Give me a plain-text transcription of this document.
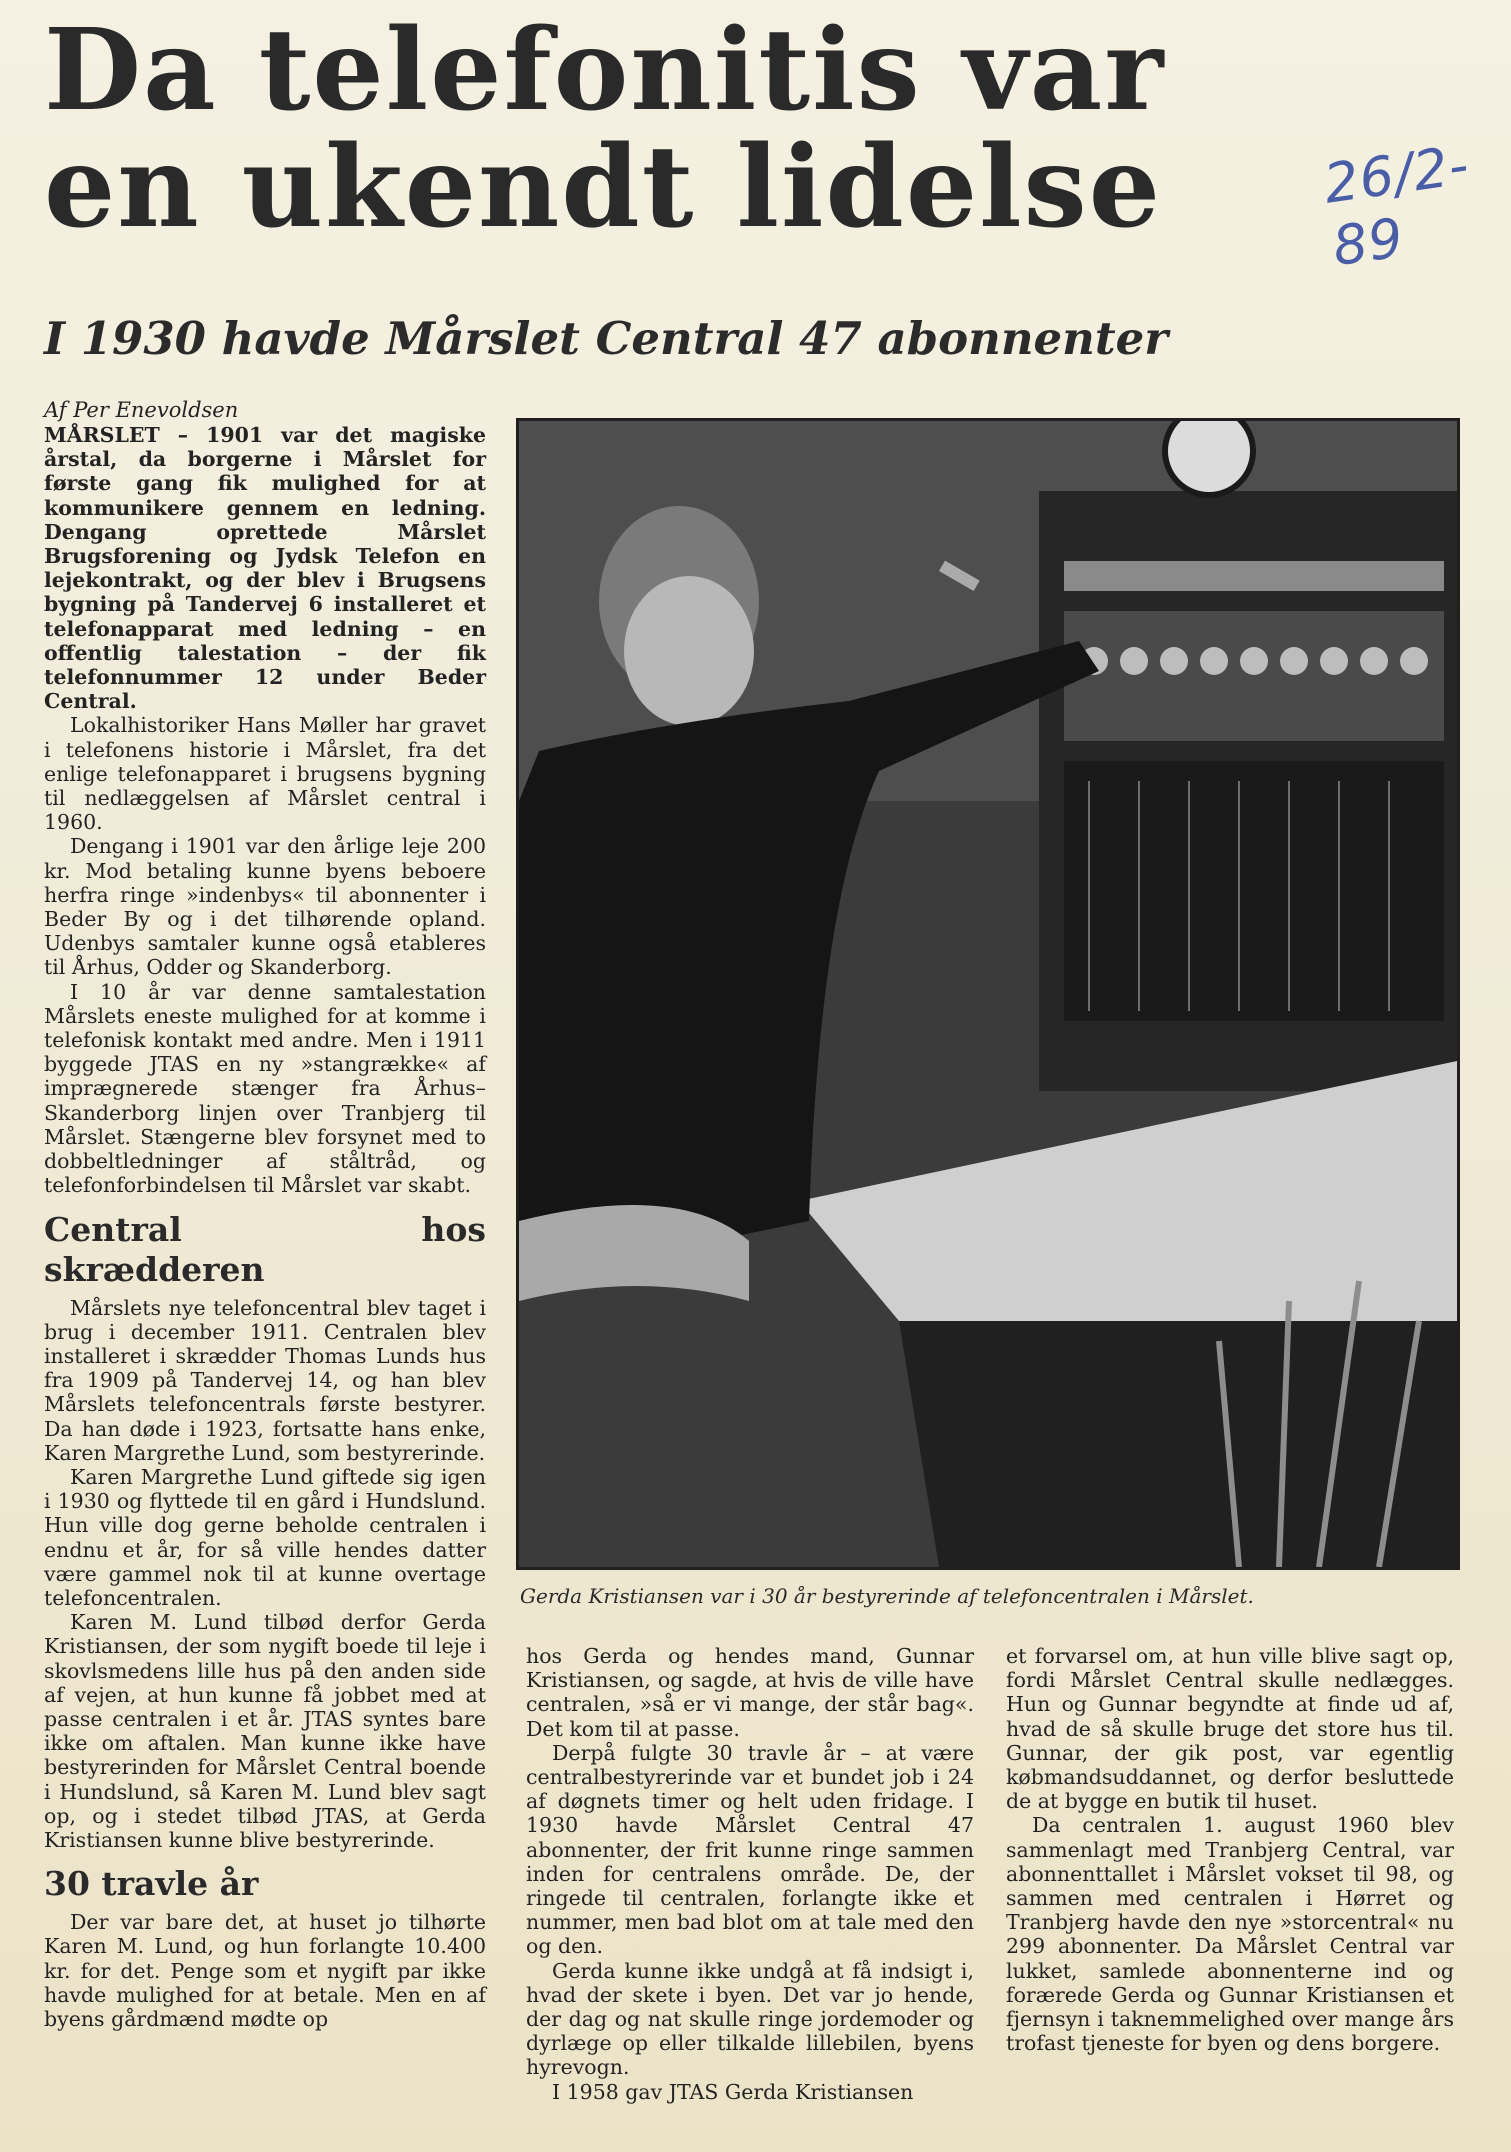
Da telefonitis var en ukendt lidelse	26/2-89
I 1930 havde Mårslet Central 47 abonnenter
Af Per Enevoldsen

MÅRSLET – 1901 var det magiske årstal, da borgerne i Mårslet for første gang fik mulighed for at kommunikere gennem en ledning. Dengang oprettede Mårslet Brugsforening og Jydsk Telefon en lejekontrakt, og der blev i Brugsens bygning på Tandervej 6 installeret et telefonapparat med ledning – en offentlig talestation – der fik telefonnummer 12 under Beder Central.

Lokalhistoriker Hans Møller har gravet i telefonens historie i Mårslet, fra det enlige telefonapparet i brugsens bygning til nedlæggelsen af Mårslet central i 1960.

Dengang i 1901 var den årlige leje 200 kr. Mod betaling kunne byens beboere herfra ringe »indenbys« til abonnenter i Beder By og i det tilhørende opland. Udenbys samtaler kunne også etableres til Århus, Odder og Skanderborg.

I 10 år var denne samtalestation Mårslets eneste mulighed for at komme i telefonisk kontakt med andre. Men i 1911 byggede JTAS en ny »stangrække« af imprægnerede stænger fra Århus–Skanderborg linjen over Tranbjerg til Mårslet. Stængerne blev forsynet med to dobbeltledninger af ståltråd, og telefonforbindelsen til Mårslet var skabt.

Central hos skrædderen

Mårslets nye telefoncentral blev taget i brug i december 1911. Centralen blev installeret i skrædder Thomas Lunds hus fra 1909 på Tandervej 14, og han blev Mårslets telefoncentrals første bestyrer. Da han døde i 1923, fortsatte hans enke, Karen Margrethe Lund, som bestyrerinde.

Karen Margrethe Lund giftede sig igen i 1930 og flyttede til en gård i Hundslund. Hun ville dog gerne beholde centralen i endnu et år, for så ville hendes datter være gammel nok til at kunne overtage telefoncentralen.

Karen M. Lund tilbød derfor Gerda Kristiansen, der som nygift boede til leje i skovlsmedens lille hus på den anden side af vejen, at hun kunne få jobbet med at passe centralen i et år. JTAS syntes bare ikke om aftalen. Man kunne ikke have bestyrerinden for Mårslet Central boende i Hundslund, så Karen M. Lund blev sagt op, og i stedet tilbød JTAS, at Gerda Kristiansen kunne blive bestyrerinde.

30 travle år

Der var bare det, at huset jo tilhørte Karen M. Lund, og hun forlangte 10.400 kr. for det. Penge som et nygift par ikke havde mulighed for at betale. Men en af byens gårdmænd mødte op

Gerda Kristiansen var i 30 år bestyrerinde af telefoncentralen i Mårslet.

hos Gerda og hendes mand, Gunnar Kristiansen, og sagde, at hvis de ville have centralen, »så er vi mange, der står bag«. Det kom til at passe.

Derpå fulgte 30 travle år – at være centralbestyrerinde var et bundet job i 24 af døgnets timer og helt uden fridage. I 1930 havde Mårslet Central 47 abonnenter, der frit kunne ringe sammen inden for centralens område. De, der ringede til centralen, forlangte ikke et nummer, men bad blot om at tale med den og den.

Gerda kunne ikke undgå at få indsigt i, hvad der skete i byen. Det var jo hende, der dag og nat skulle ringe jordemoder og dyrlæge op eller tilkalde lillebilen, byens hyrevogn.

I 1958 gav JTAS Gerda Kristiansen

et forvarsel om, at hun ville blive sagt op, fordi Mårslet Central skulle nedlægges. Hun og Gunnar begyndte at finde ud af, hvad de så skulle bruge det store hus til. Gunnar, der gik post, var egentlig købmandsuddannet, og derfor besluttede de at bygge en butik til huset.

Da centralen 1. august 1960 blev sammenlagt med Tranbjerg Central, var abonnenttallet i Mårslet vokset til 98, og sammen med centralen i Hørret og Tranbjerg havde den nye »storcentral« nu 299 abonnenter. Da Mårslet Central var lukket, samlede abonnenterne ind og forærede Gerda og Gunnar Kristiansen et fjernsyn i taknemmelighed over mange års trofast tjeneste for byen og dens borgere.
